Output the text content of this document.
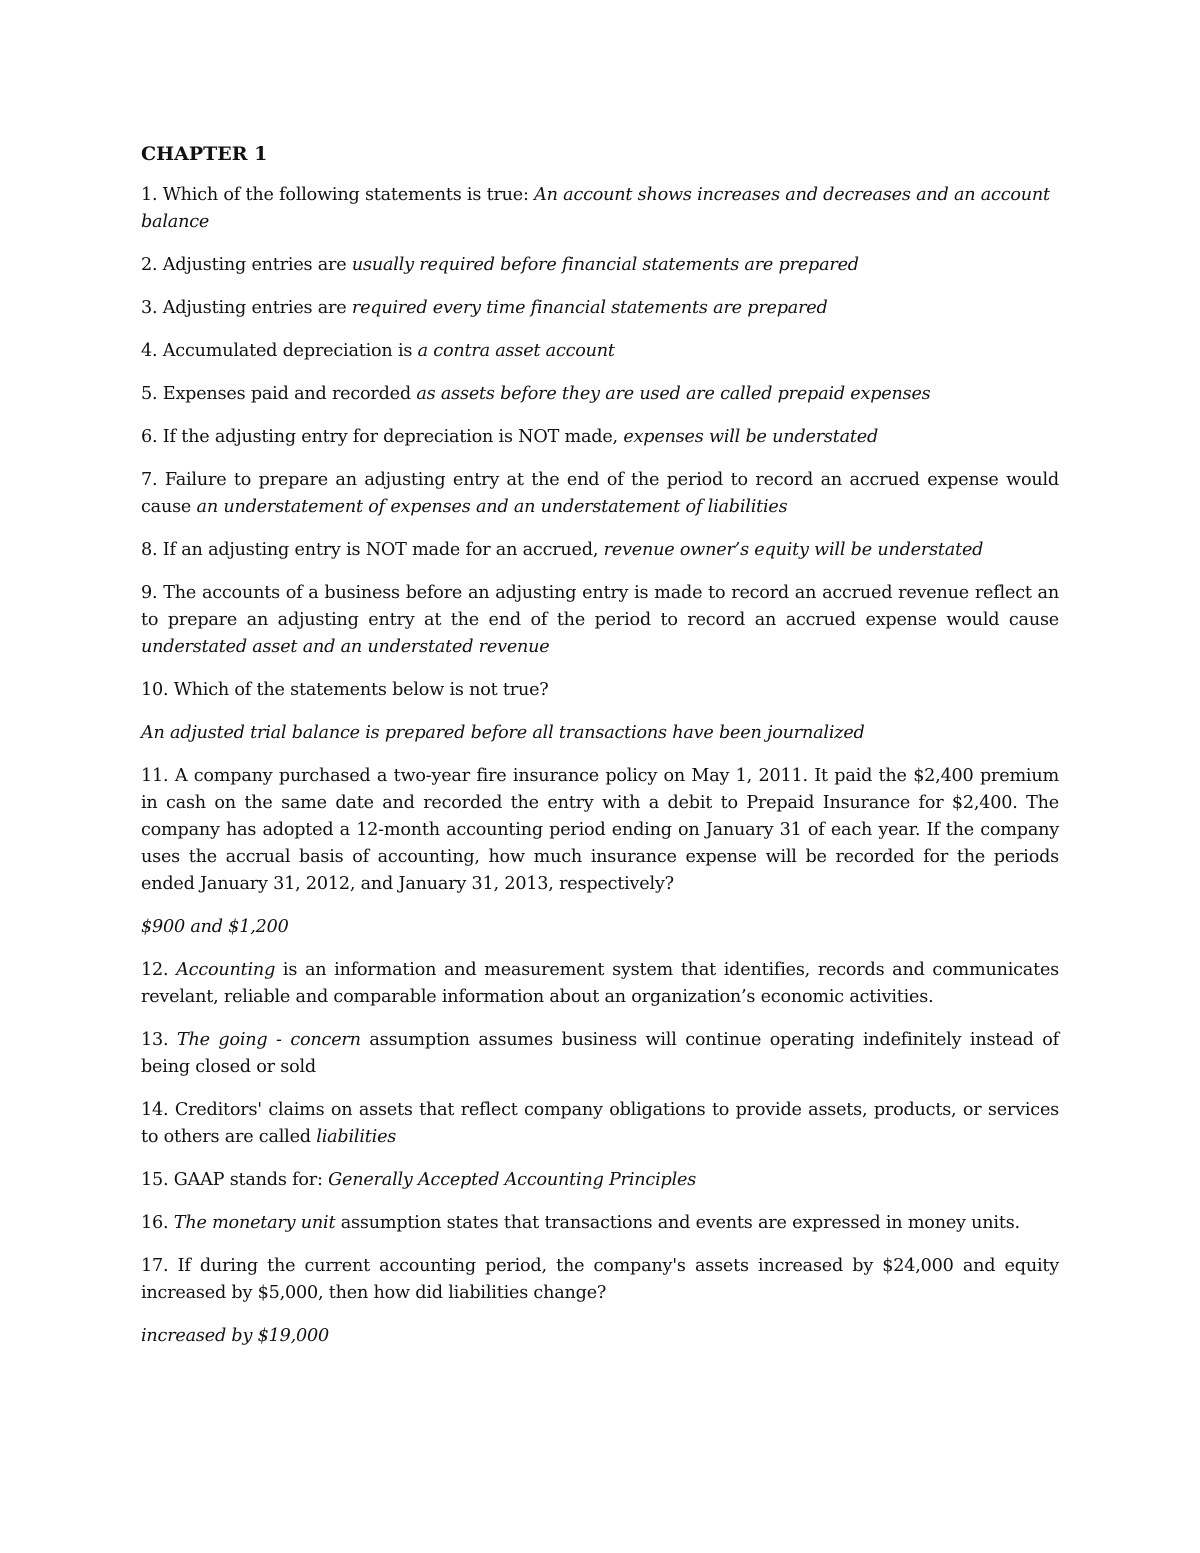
CHAPTER 1

1. Which of the following statements is true: An account shows increases and decreases and an account balance

2. Adjusting entries are usually required before financial statements are prepared

3. Adjusting entries are required every time financial statements are prepared

4. Accumulated depreciation is a contra asset account

5. Expenses paid and recorded as assets before they are used are called prepaid expenses

6. If the adjusting entry for depreciation is NOT made, expenses will be understated

7. Failure to prepare an adjusting entry at the end of the period to record an accrued expense would cause an understatement of expenses and an understatement of liabilities

8. If an adjusting entry is NOT made for an accrued, revenue owner’s equity will be understated

9. The accounts of a business before an adjusting entry is made to record an accrued revenue reflect an to prepare an adjusting entry at the end of the period to record an accrued expense would cause understated asset and an understated revenue

10. Which of the statements below is not true?

An adjusted trial balance is prepared before all transactions have been journalized

11. A company purchased a two-year fire insurance policy on May 1, 2011. It paid the $2,400 premium in cash on the same date and recorded the entry with a debit to Prepaid Insurance for $2,400. The company has adopted a 12-month accounting period ending on January 31 of each year. If the company uses the accrual basis of accounting, how much insurance expense will be recorded for the periods ended January 31, 2012, and January 31, 2013, respectively?

$900 and $1,200

12. Accounting is an information and measurement system that identifies, records and communicates revelant, reliable and comparable information about an organization’s economic activities.

13. The going - concern assumption assumes business will continue operating indefinitely instead of being closed or sold

14. Creditors' claims on assets that reflect company obligations to provide assets, products, or services to others are called liabilities

15. GAAP stands for: Generally Accepted Accounting Principles

16. The monetary unit assumption states that transactions and events are expressed in money units.

17. If during the current accounting period, the company's assets increased by $24,000 and equity increased by $5,000, then how did liabilities change?

increased by $19,000
